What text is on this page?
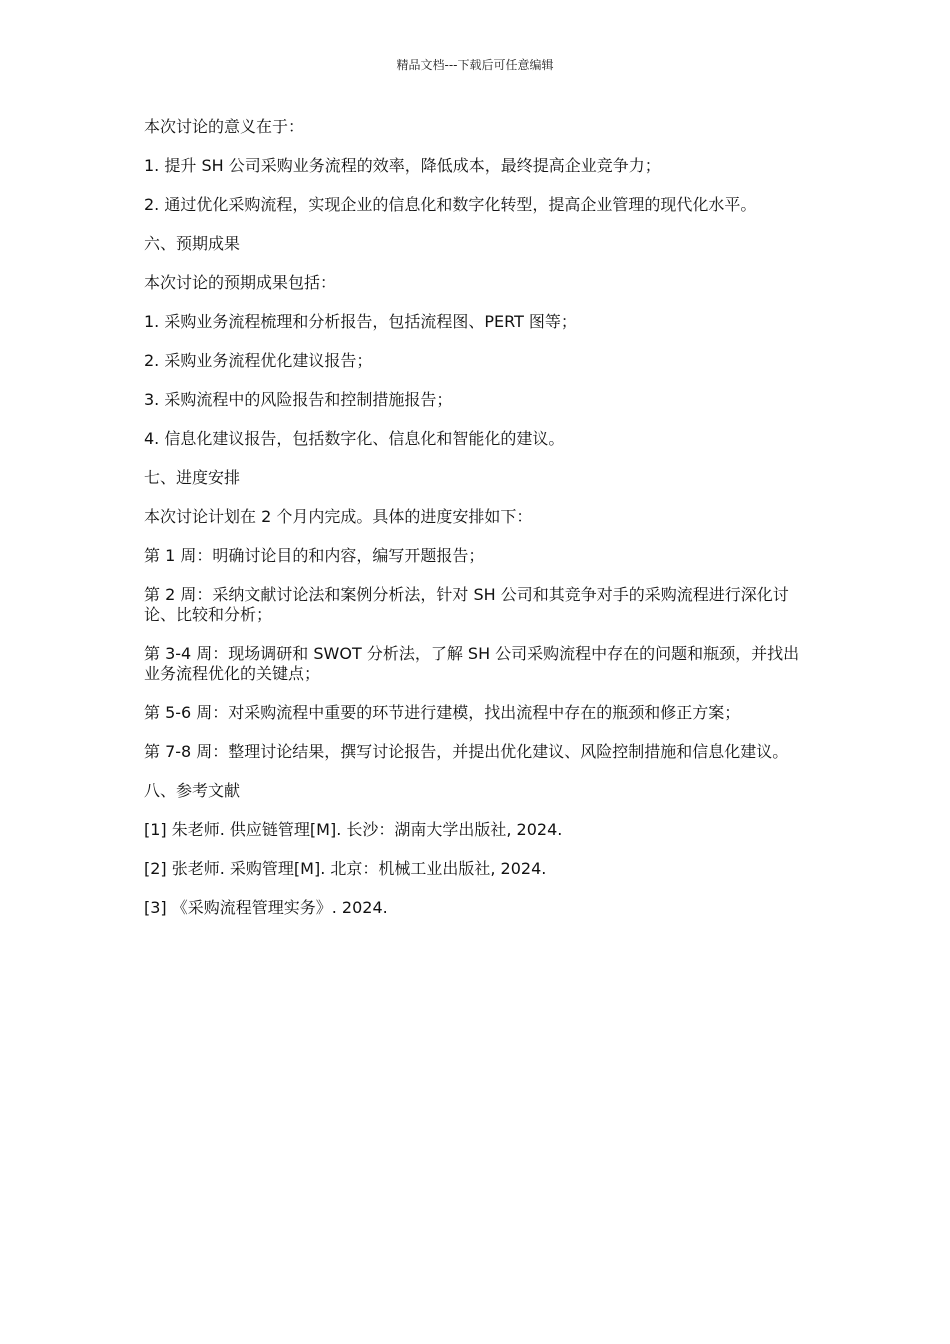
精品文档---下载后可任意编辑

本次讨论的意义在于：

1. 提升 SH 公司采购业务流程的效率，降低成本，最终提高企业竞争力；

2. 通过优化采购流程，实现企业的信息化和数字化转型，提高企业管理的现代化水平。

六、预期成果

本次讨论的预期成果包括：

1. 采购业务流程梳理和分析报告，包括流程图、PERT 图等；

2. 采购业务流程优化建议报告；

3. 采购流程中的风险报告和控制措施报告；

4. 信息化建议报告，包括数字化、信息化和智能化的建议。

七、进度安排

本次讨论计划在 2 个月内完成。具体的进度安排如下：

第 1 周：明确讨论目的和内容，编写开题报告；

第 2 周：采纳文献讨论法和案例分析法，针对 SH 公司和其竞争对手的采购流程进行深化讨论、比较和分析；

第 3-4 周：现场调研和 SWOT 分析法，了解 SH 公司采购流程中存在的问题和瓶颈，并找出业务流程优化的关键点；

第 5-6 周：对采购流程中重要的环节进行建模，找出流程中存在的瓶颈和修正方案；

第 7-8 周：整理讨论结果，撰写讨论报告，并提出优化建议、风险控制措施和信息化建议。

八、参考文献

[1] 朱老师. 供应链管理[M]. 长沙：湖南大学出版社, 2024.

[2] 张老师. 采购管理[M]. 北京：机械工业出版社, 2024.

[3] 《采购流程管理实务》. 2024.
